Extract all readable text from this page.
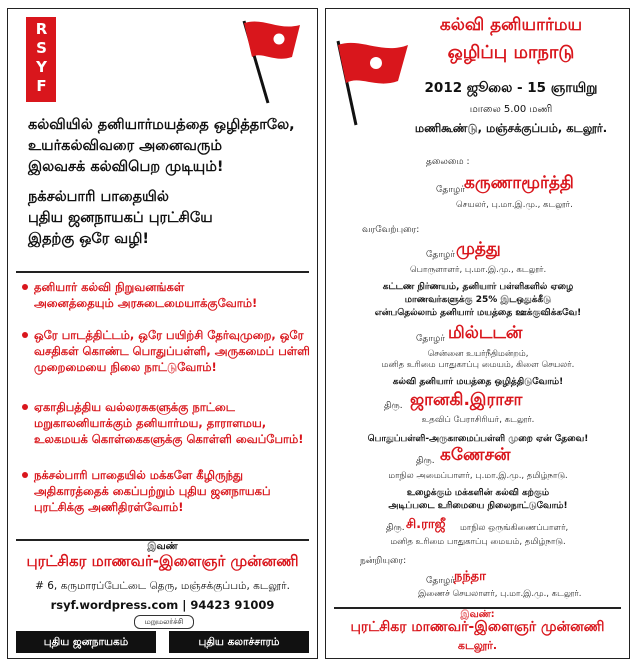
RSYF
கல்வியில் தனியார்மயத்தை ஒழித்தாலே,
உயர்கல்விவரை அனைவரும்
இலவசக் கல்விபெற முடியும்!
நக்சல்பாரி பாதையில்
புதிய ஜனநாயகப் புரட்சியே
இதற்கு ஒரே வழி!
தனியார் கல்வி நிறுவனங்கள்
அனைத்தையும் அரசுடைமையாக்குவோம்!
ஒரே பாடத்திட்டம், ஒரே பயிற்சி தேர்வுமுறை, ஒரே
வசதிகள் கொண்ட பொதுப்பள்ளி, அருகமைப் பள்ளி
முறைமையை நிலை நாட்டுவோம்!
ஏகாதிபத்திய வல்லரசுகளுக்கு நாட்டை
மறுகாலனியாக்கும் தனியார்மய, தாராளமய,
உலகமயக் கொள்கைகளுக்கு கொள்ளி வைப்போம்!
நக்சல்பாரி பாதையில் மக்களே கீழிருந்து
அதிகாரத்தைக் கைப்பற்றும் புதிய ஜனநாயகப்
புரட்சிக்கு அணிதிரள்வோம்!
இவண்
புரட்சிகர மாணவர்-இளைஞர் முன்னணி
# 6, கருமாரப்பேட்டை தெரு, மஞ்சக்குப்பம், கடலூர்.
rsyf.wordpress.com | 94423 91009
மறுமலர்ச்சி
புதிய ஜனநாயகம்	புதிய கலாச்சாரம்
கல்வி தனியார்மய
ஒழிப்பு மாநாடு
2012 ஜூலை - 15 ஞாயிறு
மாலை 5.00 மணி
மணிகூண்டு, மஞ்சக்குப்பம், கடலூர்.
தலைமை :
தோழர் கருணாமூர்த்தி
செயலர், பு.மா.இ.மு., கடலூர்.
வரவேற்புரை:
தோழர் முத்து
பொருளாளர், பு.மா.இ.மு., கடலூர்.
கட்டண நிர்ணயம், தனியார் பள்ளிகளில் ஏழை
மாணவர்களுக்கு 25% இடஒதுக்கீடு
என்பதெல்லாம் தனியார் மயத்தை ஊக்குவிக்கவே!
தோழர் மில்டடன்
சென்னை உயர்நீதிமன்றம்,
மனித உரிமை பாதுகாப்பு மையம், கிளை செயலர்.
கல்வி தனியார் மயத்தை ஒழித்திடுவோம்!
திரு. ஜானகி.இராசா
உதவிப் பேராசிரியர், கடலூர்.
பொதுப்பள்ளி-அருகாமைப்பள்ளி முறை ஏன் தேவை!
திரு. கணேசன்
மாநில அமைப்பாளர், பு.மா.இ.மு., தமிழ்நாடு.
உழைக்கும் மக்களின் கல்வி கற்கும்
அடிப்படை உரிமையை நிலைநாட்டுவோம்!
திரு. சி.ராஜீ மாநில ஒருங்கிணைப்பாளர்,
மனித உரிமை பாதுகாப்பு மையம், தமிழ்நாடு.
நன்றியுரை:
தோழர் நந்தா
இணைச் செயலாளர், பு.மா.இ.மு., கடலூர்.
இவண்:
புரட்சிகர மாணவர்-இளைஞர் முன்னணி
கடலூர்.
